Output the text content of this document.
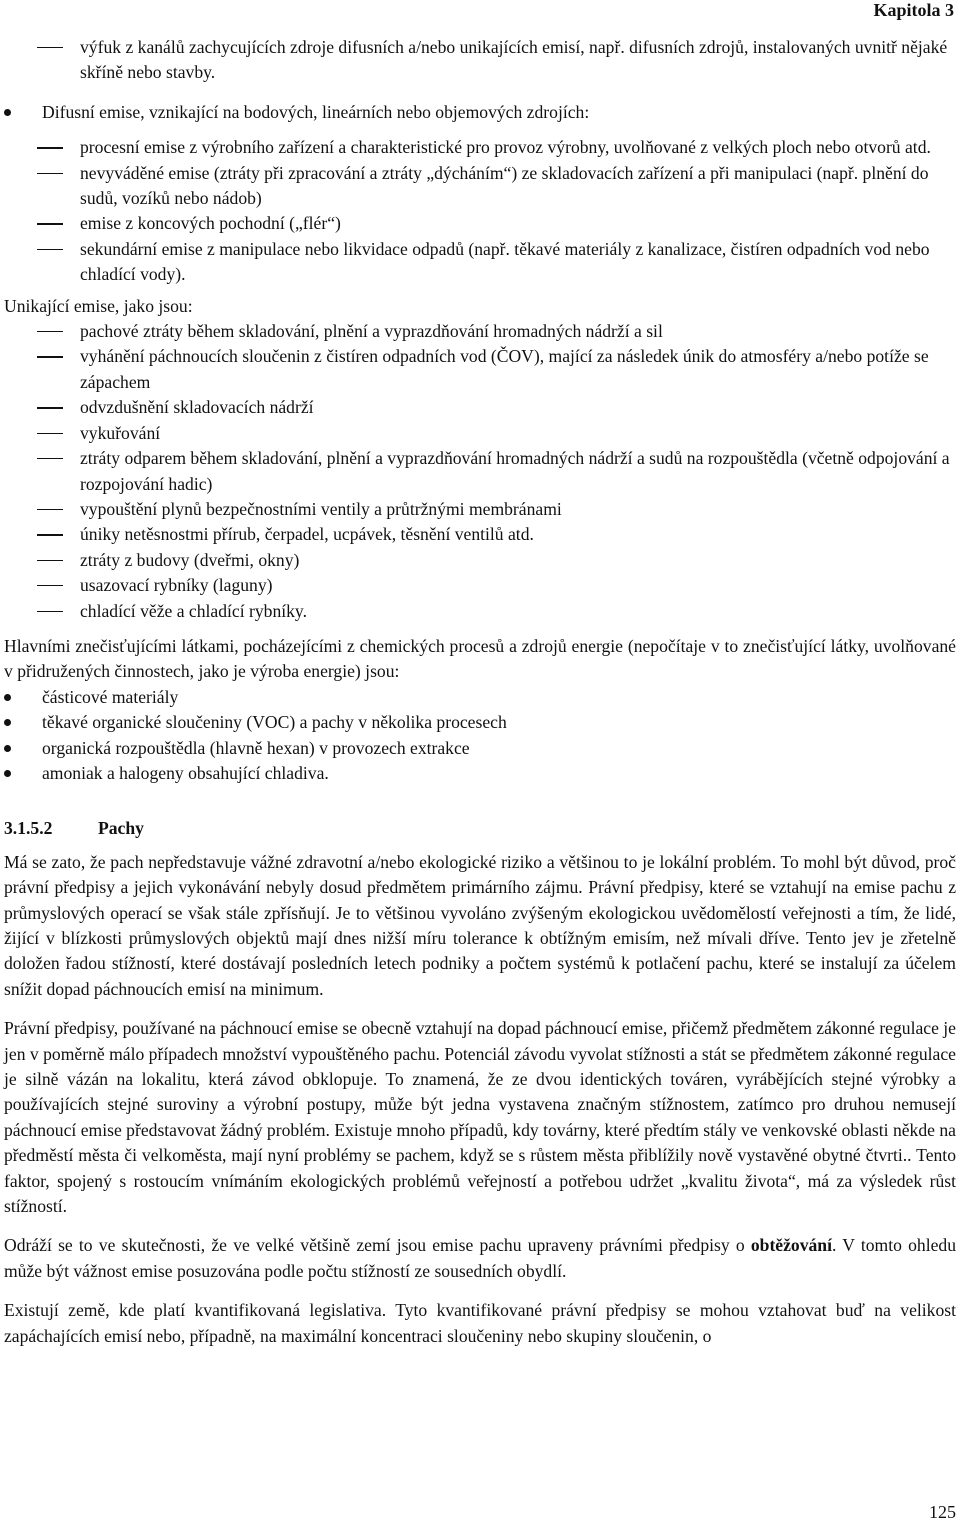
Kapitola 3

výfuk z kanálů zachycujících zdroje difusních a/nebo unikajících emisí, např. difusních zdrojů, instalovaných uvnitř nějaké skříně nebo stavby.

Difusní emise, vznikající na bodových, lineárních nebo objemových zdrojích:

procesní emise z výrobního zařízení a charakteristické pro provoz výrobny, uvolňované z velkých ploch nebo otvorů atd.

nevyváděné emise (ztráty při zpracování a ztráty „dýcháním“) ze skladovacích zařízení a při manipulaci (např. plnění do sudů, vozíků nebo nádob)

emise z koncových pochodní („flér“)

sekundární emise z manipulace nebo likvidace odpadů (např. těkavé materiály z kanalizace, čistíren odpadních vod nebo chladící vody).

Unikající emise, jako jsou:

pachové ztráty během skladování, plnění a vyprazdňování hromadných nádrží a sil

vyhánění páchnoucích sloučenin z čistíren odpadních vod (ČOV), mající za následek únik do atmosféry a/nebo potíže se zápachem

odvzdušnění skladovacích nádrží

vykuřování

ztráty odparem během skladování, plnění a vyprazdňování hromadných nádrží a sudů na rozpouštědla (včetně odpojování a rozpojování hadic)

vypouštění plynů bezpečnostními ventily a průtržnými membránami

úniky netěsnostmi přírub, čerpadel, ucpávek, těsnění ventilů atd.

ztráty z budovy (dveřmi, okny)

usazovací rybníky (laguny)

chladící věže a chladící rybníky.

Hlavními znečisťujícími látkami, pocházejícími z chemických procesů a zdrojů energie (nepočítaje v to znečisťující látky, uvolňované v přidružených činnostech, jako je výroba energie) jsou:

částicové materiály

těkavé organické sloučeniny (VOC) a pachy v několika procesech

organická rozpouštědla (hlavně hexan) v provozech extrakce

amoniak a halogeny obsahující chladiva.

3.1.5.2	Pachy

Má se zato, že pach nepředstavuje vážné zdravotní a/nebo ekologické riziko a většinou to je lokální problém. To mohl být důvod, proč právní předpisy a jejich vykonávání nebyly dosud předmětem primárního zájmu. Právní předpisy, které se vztahují na emise pachu z průmyslových operací se však stále zpřísňují. Je to většinou vyvoláno zvýšeným ekologickou uvědomělostí veřejnosti a tím, že lidé, žijící v blízkosti průmyslových objektů mají dnes nižší míru tolerance k obtížným emisím, než mívali dříve. Tento jev je zřetelně doložen řadou stížností, které dostávají posledních letech podniky a počtem systémů k potlačení pachu, které se instalují za účelem snížit dopad páchnoucích emisí na minimum.

Právní předpisy, používané na páchnoucí emise se obecně vztahují na dopad páchnoucí emise, přičemž předmětem zákonné regulace je jen v poměrně málo případech množství vypouštěného pachu. Potenciál závodu vyvolat stížnosti a stát se předmětem zákonné regulace je silně vázán na lokalitu, která závod obklopuje. To znamená, že ze dvou identických továren, vyrábějících stejné výrobky a používajících stejné suroviny a výrobní postupy, může být jedna vystavena značným stížnostem, zatímco pro druhou nemusejí páchnoucí emise představovat žádný problém. Existuje mnoho případů, kdy továrny, které předtím stály ve venkovské oblasti někde na předměstí města či velkoměsta, mají nyní problémy se pachem, když se s růstem města přiblížily nově vystavěné obytné čtvrti.. Tento faktor, spojený s rostoucím vnímáním ekologických problémů veřejností a potřebou udržet „kvalitu života“, má za výsledek růst stížností.

Odráží se to ve skutečnosti, že ve velké většině zemí jsou emise pachu upraveny právními předpisy o obtěžování. V tomto ohledu může být vážnost emise posuzována podle počtu stížností ze sousedních obydlí.

Existují země, kde platí kvantifikovaná legislativa. Tyto kvantifikované právní předpisy se mohou vztahovat buď na velikost zapáchajících emisí nebo, případně, na maximální koncentraci sloučeniny nebo skupiny sloučenin, o

125
